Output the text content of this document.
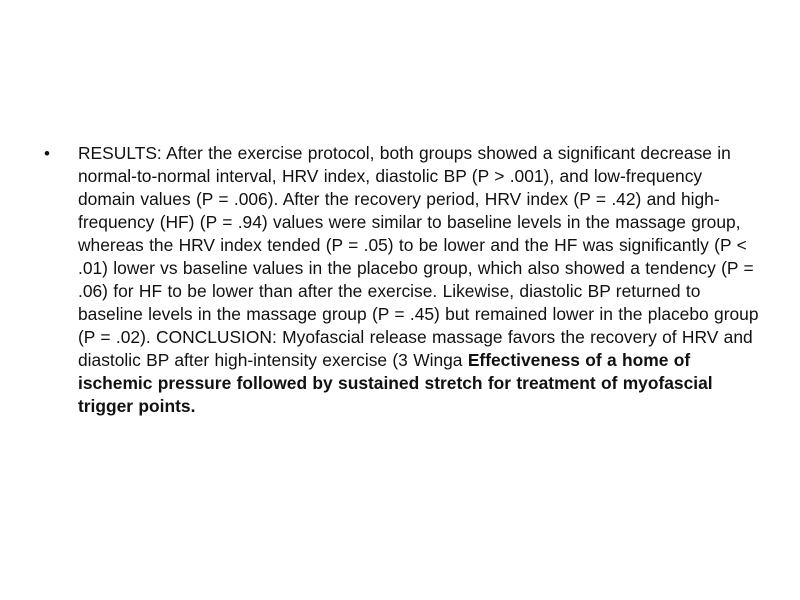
• RESULTS: After the exercise protocol, both groups showed a significant decrease in normal-to-normal interval, HRV index, diastolic BP (P > .001), and low-frequency domain values (P = .006). After the recovery period, HRV index (P = .42) and high-frequency (HF) (P = .94) values were similar to baseline levels in the massage group, whereas the HRV index tended (P = .05) to be lower and the HF was significantly (P < .01) lower vs baseline values in the placebo group, which also showed a tendency (P = .06) for HF to be lower than after the exercise. Likewise, diastolic BP returned to baseline levels in the massage group (P = .45) but remained lower in the placebo group (P = .02). CONCLUSION: Myofascial release massage favors the recovery of HRV and diastolic BP after high-intensity exercise (3 Winga Effectiveness of a home of ischemic pressure followed by sustained stretch for treatment of myofascial trigger points.
